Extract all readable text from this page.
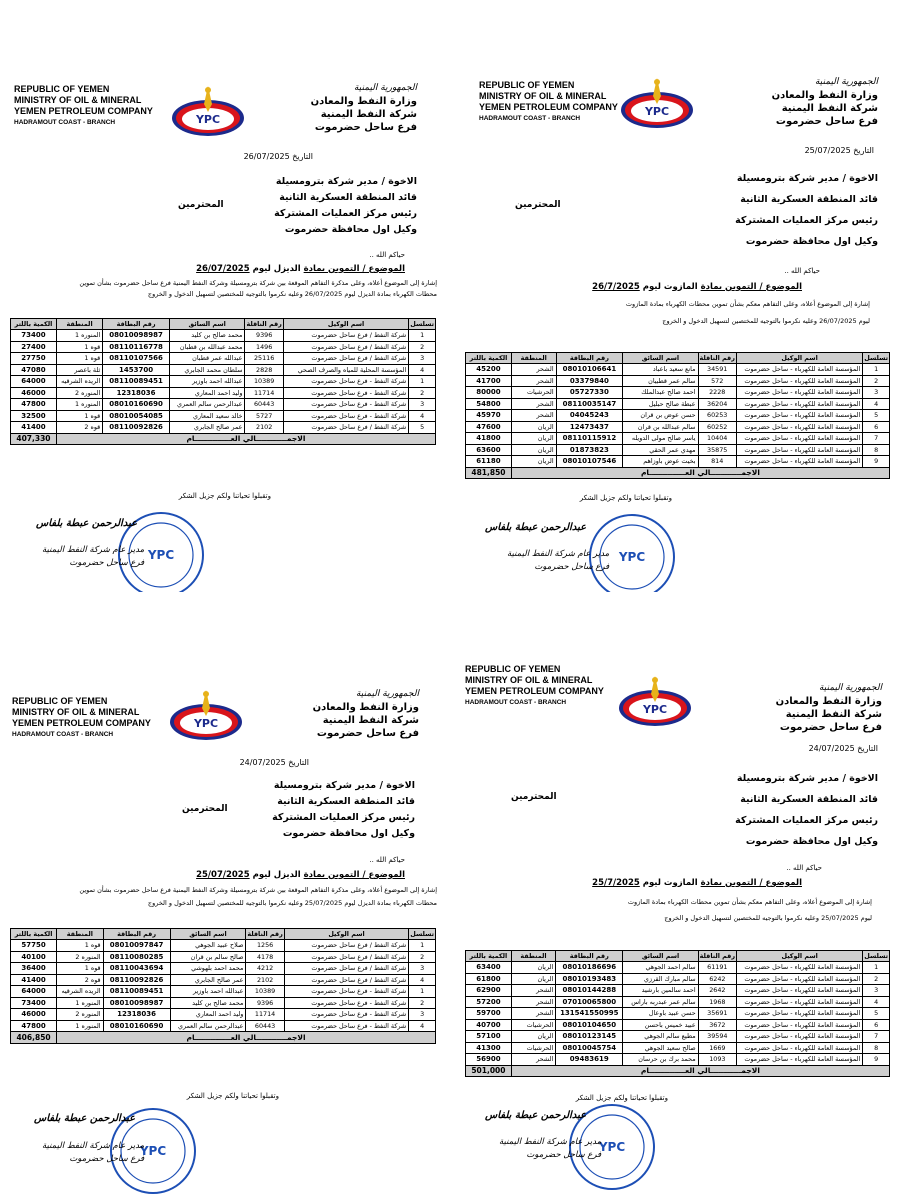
REPUBLIC OF YEMEN
MINISTRY OF OIL & MINERAL
YEMEN PETROLEUM COMPANY
HADRAMOUT COAST - BRANCH	YPC
الجمهورية اليمنية
وزارة النفط والمعادن
شركة النفط اليمنية
فرع ساحل حضرموت
التاريخ 26/07/2025
الاخوة / مدير شركة بترومسيلة
قائد المنطقة العسكرية الثانية
رئيس مركز العمليات المشتركة
وكيل اول محافظة حضرموت
المحترمين
حياكم الله ..
الموضوع / التموين بمادة الديزل ليوم 26/07/2025
إشارة إلى الموضوع أعلاه، وعلى مذكرة التفاهم الموقعة بين شركة بترومسيلة وشركة النفط اليمنية فرع ساحل حضرموت بشأن تموين
محطات الكهرباء بمادة الديزل ليوم 26/07/2025 وعليه نكرموا بالتوجيه للمختصين لتسهيل الدخول و الخروج
تسلسل	اسم الوكيل	رقم الناقلة	اسم السائق	رقم البطاقة	المنطقة	الكمية باللتر
1	شركة النفط / فرع ساحل حضرموت	9396	محمد صالح بن كليد	08010098987	المنوره 1	73400
2	شركة النفط / فرع ساحل حضرموت	1496	محمد عبدالله بن قطبان	08110116778	قوه 1	27400
3	شركة النفط / فرع ساحل حضرموت	25116	عبدالله عمر قطبان	08110107566	قوه 1	27750
4	المؤسسة المحلية للمياه والصرف الصحي	2828	سلطان محمد الجابري	1453700	ثلة باعصر	47080
1	شركة النفط - فرع ساحل حضرموت	10389	عبدالله احمد باوزير	08110089451	الريده الشرقيه	64000
2	شركة النفط - فرع ساحل حضرموت	11714	وليد احمد المعاري	12318036	المنوره 2	46000
3	شركة النفط - فرع ساحل حضرموت	60443	عبدالرحمن سالم العمري	08010160690	المنوره 1	47800
4	شركة النفط - فرع ساحل حضرموت	5727	خالد سعيد المعاري	08010054085	قوه 1	32500
5	شركة النفط / فرع ساحل حضرموت	2102	عمر صالح الجابري	08110092826	قوه 2	41400
الاجمــــــــــــالي العــــــــــــــام						407,330
وتقبلوا تحياتنا ولكم جزيل الشكر
YPC
عبدالرحمن عبطة بلفاس
مدير عام شركة النفط اليمنية
فرع ساحل حضرموت
REPUBLIC OF YEMEN
MINISTRY OF OIL & MINERAL
YEMEN PETROLEUM COMPANY
HADRAMOUT COAST - BRANCH
YPC
الجمهورية اليمنية
وزارة النفط والمعادن
شركة النفط اليمنية
فرع ساحل حضرموت
التاريخ 25/07/2025
الاخوة / مدير شركة بترومسيلة
قائد المنطقة العسكرية الثانية
رئيس مركز العمليات المشتركة
وكيل اول محافظة حضرموت
المحترمين
حياكم الله ..
الموضوع / التموين بمادة المازوت ليوم 26/7/2025
إشارة إلى الموضوع أعلاه، وعلى التفاهم معكم بشأن تموين محطات الكهرباء بمادة المازوت
ليوم 26/07/2025 وعليه نكرموا بالتوجيه للمختصين لتسهيل الدخول و الخروج
تسلسل	اسم الوكيل	رقم الناقلة	اسم السائق	رقم البطاقة	المنطقة	الكمية باللتر
1	المؤسسة العامة للكهرباء - ساحل حضرموت	34591	مانع سعيد باعباد	08010106641	الشحر	45200
2	المؤسسة العامة للكهرباء - ساحل حضرموت	572	سالم عمر قطبيان	03379840	الشحر	41700
3	المؤسسة العامة للكهرباء - ساحل حضرموت	2228	احمد صالح عبدالملك	05727330	الحرشيات	80000
4	المؤسسة العامة للكهرباء - ساحل حضرموت	36204	عبطة صالح حبليل	08110035147	الشحر	54800
5	المؤسسة العامة للكهرباء - ساحل حضرموت	60253	حسن عوض بن قران	04045243	الشحر	45970
6	المؤسسة العامة للكهرباء - ساحل حضرموت	60252	سالم عبدالله بن قران	12473437	الريان	47600
7	المؤسسة العامة للكهرباء - ساحل حضرموت	10404	ياسر صالح مولى الدويله	08110115912	الريان	41800
8	المؤسسة العامة للكهرباء - ساحل حضرموت	35875	مهدي عمر الحقي	01873823	الريان	63600
9	المؤسسة العامة للكهرباء - ساحل حضرموت	814	بخيت عوض باوزاهم	08010107546	الريان	61180
الاجمــــــــــــالي العــــــــــــــام						481,850
وتقبلوا تحياتنا ولكم جزيل الشكر
YPC
عبدالرحمن عبطة بلفاس
مدير عام شركة النفط اليمنية
فرع ساحل حضرموت
REPUBLIC OF YEMEN
MINISTRY OF OIL & MINERAL
YEMEN PETROLEUM COMPANY
HADRAMOUT COAST - BRANCH
YPC
الجمهورية اليمنية
وزارة النفط والمعادن
شركة النفط اليمنية
فرع ساحل حضرموت
التاريخ 24/07/2025
الاخوة / مدير شركة بترومسيلة
قائد المنطقة العسكرية الثانية
رئيس مركز العمليات المشتركة
وكيل اول محافظة حضرموت
المحترمين
حياكم الله ..
الموضوع / التموين بمادة الديزل ليوم 25/07/2025
إشارة إلى الموضوع أعلاه، وعلى مذكرة التفاهم الموقعة بين شركة بترومسيلة وشركة النفط اليمنية فرع ساحل حضرموت بشأن تموين
محطات الكهرباء بمادة الديزل ليوم 25/07/2025 وعليه نكرموا بالتوجيه للمختصين لتسهيل الدخول و الخروج
تسلسل	اسم الوكيل	رقم الناقلة	اسم السائق	رقم البطاقة	المنطقة	الكمية باللتر
1	شركة النفط / فرع ساحل حضرموت	1256	صلاح عبيد الجوهي	08010097847	قوه 1	57750
2	شركة النفط / فرع ساحل حضرموت	4178	صالح سالم بن قران	08110080285	المنوره 2	40100
3	شركة النفط / فرع ساحل حضرموت	4212	محمد احمد بلهوشي	08110043694	قوه 1	36400
4	شركة النفط / فرع ساحل حضرموت	2102	عمر صالح الجابري	08110092826	قوه 2	41400
1	شركة النفط - فرع ساحل حضرموت	10389	عبدالله احمد باوزير	08110089451	الريده الشرقيه	64000
2	شركة النفط - فرع ساحل حضرموت	9396	محمد صالح بن كليد	08010098987	المنوره 1	73400
3	شركة النفط - فرع ساحل حضرموت	11714	وليد احمد المعاري	12318036	المنوره 2	46000
4	شركة النفط - فرع ساحل حضرموت	60443	عبدالرحمن سالم العمري	08010160690	المنوره 1	47800
الاجمــــــــــــالي العــــــــــــــام						406,850
وتقبلوا تحياتنا ولكم جزيل الشكر
YPC
عبدالرحمن عبطة بلفاس
مدير عام شركة النفط اليمنية
فرع ساحل حضرموت
REPUBLIC OF YEMEN
MINISTRY OF OIL & MINERAL
YEMEN PETROLEUM COMPANY
HADRAMOUT COAST - BRANCH
YPC
الجمهورية اليمنية
وزارة النفط والمعادن
شركة النفط اليمنية
فرع ساحل حضرموت
التاريخ 24/07/2025
الاخوة / مدير شركة بترومسيلة
قائد المنطقة العسكرية الثانية
رئيس مركز العمليات المشتركة
وكيل اول محافظة حضرموت
المحترمين
حياكم الله ..
الموضوع / التموين بمادة المازوت ليوم 25/7/2025
إشارة إلى الموضوع أعلاه، وعلى التفاهم معكم بشأن تموين محطات الكهرباء بمادة المازوت
ليوم 25/07/2025 وعليه نكرموا بالتوجيه للمختصين لتسهيل الدخول و الخروج
تسلسل	اسم الوكيل	رقم الناقلة	اسم السائق	رقم البطاقة	المنطقة	الكمية باللتر
1	المؤسسة العامة للكهرباء - ساحل حضرموت	61191	سالم احمد الجوهي	08010186696	الريان	63400
2	المؤسسة العامة للكهرباء - ساحل حضرموت	6242	سالم مبارك القرزي	08010193483	الريان	61800
3	المؤسسة العامة للكهرباء - ساحل حضرموت	2642	احمد سالمين بارشيد	08010144288	الشحر	62900
4	المؤسسة العامة للكهرباء - ساحل حضرموت	1968	سالم عمر عبدربه باراس	07010065800	الشحر	57200
5	المؤسسة العامة للكهرباء - ساحل حضرموت	35691	حسن عبيد باوعال	131541550995	الشحر	59700
6	المؤسسة العامة للكهرباء - ساحل حضرموت	3672	عبيد خميس باحسن	08010104650	الحرشيات	40700
7	المؤسسة العامة للكهرباء - ساحل حضرموت	39594	مطيع سالم الجوهي	08010123145	الريان	57100
8	المؤسسة العامة للكهرباء - ساحل حضرموت	1669	صالح سعيد الجوهي	08010045754	الحرشيات	41300
9	المؤسسة العامة للكهرباء - ساحل حضرموت	1093	محمد برك بن حرسان	09483619	الشحر	56900
الاجمــــــــــــالي العــــــــــــــام						501,000
وتقبلوا تحياتنا ولكم جزيل الشكر
YPC
عبدالرحمن عبطة بلفاس
مدير عام شركة النفط اليمنية
فرع ساحل حضرموت
